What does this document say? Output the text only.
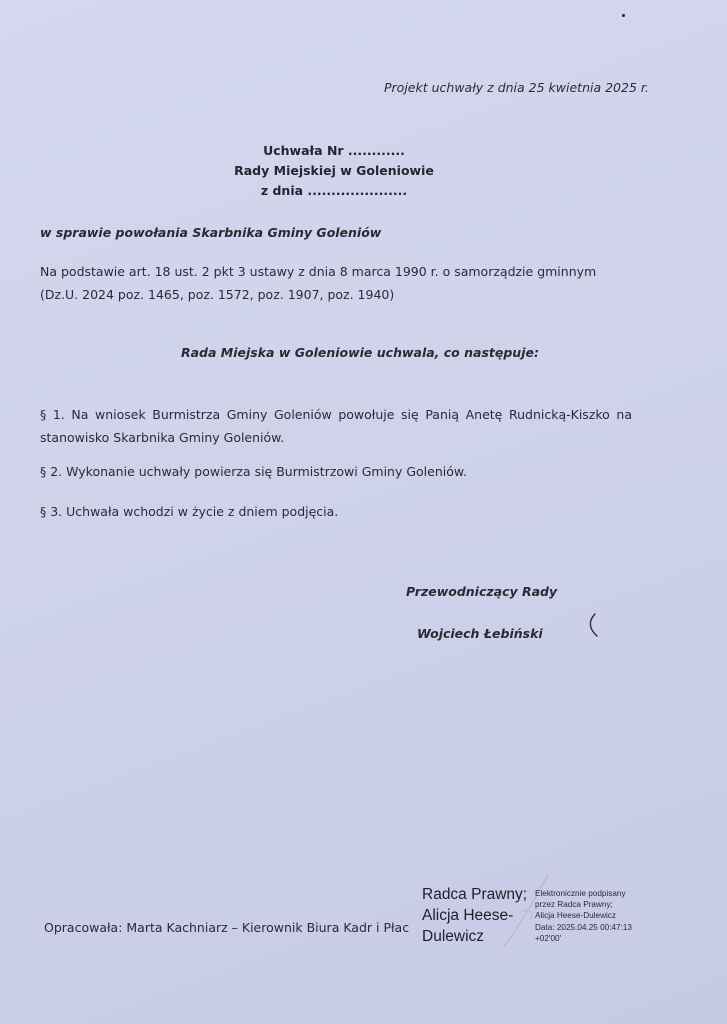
Projekt uchwały z dnia 25 kwietnia 2025 r.
Uchwała Nr ............
Rady Miejskiej w Goleniowie
z dnia .....................
w sprawie powołania Skarbnika Gminy Goleniów
Na podstawie art. 18 ust. 2 pkt 3 ustawy z dnia 8 marca 1990 r. o samorządzie gminnym
(Dz.U. 2024 poz. 1465, poz. 1572, poz. 1907, poz. 1940)
Rada Miejska w Goleniowie uchwala, co następuje:
§ 1. Na wniosek Burmistrza Gminy Goleniów powołuje się Panią Anetę Rudnicką-Kiszko na stanowisko Skarbnika Gminy Goleniów.
§ 2. Wykonanie uchwały powierza się Burmistrzowi Gminy Goleniów.
§ 3. Uchwała wchodzi w życie z dniem podjęcia.
Przewodniczący Rady
Wojciech Łebiński
Opracowała: Marta Kachniarz – Kierownik Biura Kadr i Płac
Radca Prawny;
Alicja Heese-
Dulewicz
Elektronicznie podpisany
przez Radca Prawny;
Alicja Heese-Dulewicz
Data: 2025.04.25 00:47:13
+02'00'
